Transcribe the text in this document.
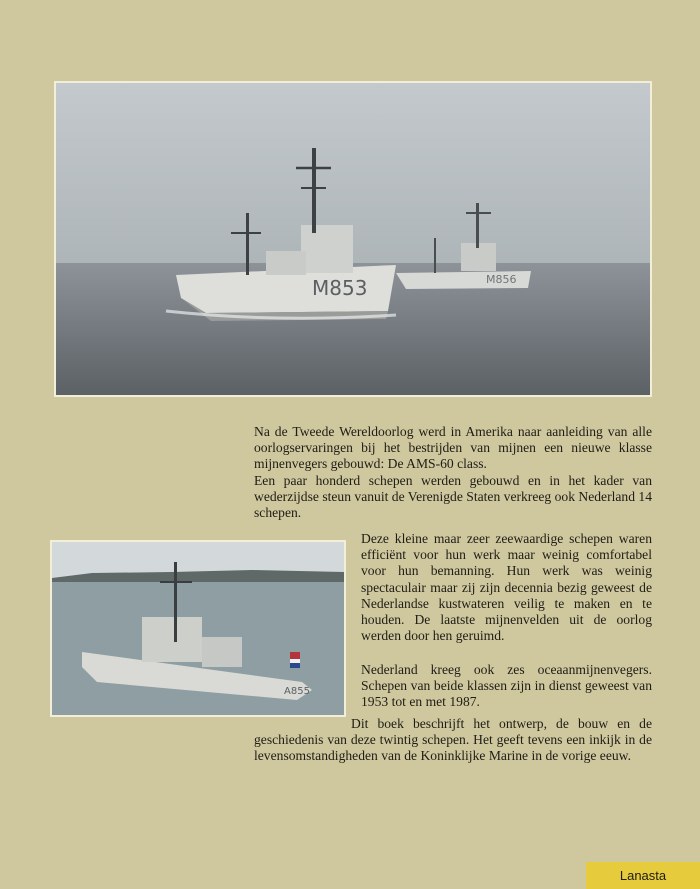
M856
M853

Na de Tweede Wereldoorlog werd in Amerika naar aanleiding van alle oorlogservaringen bij het bestrijden van mijnen een nieuwe klasse mijnenvegers gebouwd: De AMS-60 class.

Een paar honderd schepen werden gebouwd en in het kader van wederzijdse steun vanuit de Verenigde Staten verkreeg ook Nederland 14 schepen.

A855

Deze kleine maar zeer zeewaardige schepen waren efficiënt voor hun werk maar weinig comfortabel voor hun bemanning. Hun werk was weinig spectaculair maar zij zijn decennia bezig geweest de Nederlandse kustwateren veilig te maken en te houden. De laatste mijnenvelden uit de oorlog werden door hen geruimd.

Nederland kreeg ook zes oceaanmijnenvegers. Schepen van beide klassen zijn in dienst geweest van 1953 tot en met 1987.

Dit boek beschrijft het ontwerp, de bouw en de geschiedenis van deze twintig schepen. Het geeft tevens een inkijk in de levensomstandigheden van de Koninklijke Marine in de vorige eeuw.

Lanasta
